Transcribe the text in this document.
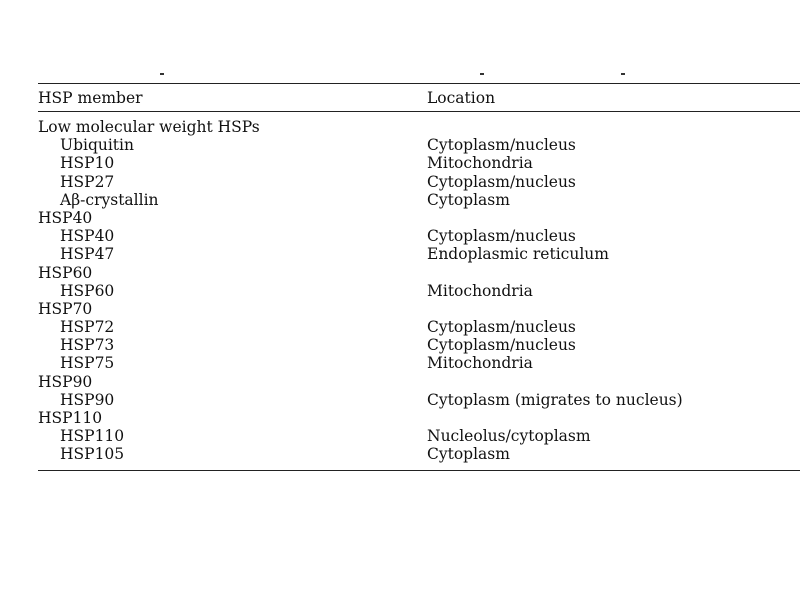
HSP member	Location
Low molecular weight HSPs
Ubiquitin	Cytoplasm/nucleus
HSP10	Mitochondria
HSP27	Cytoplasm/nucleus
Aβ-crystallin	Cytoplasm
HSP40
HSP40	Cytoplasm/nucleus
HSP47	Endoplasmic reticulum
HSP60
HSP60	Mitochondria
HSP70
HSP72	Cytoplasm/nucleus
HSP73	Cytoplasm/nucleus
HSP75	Mitochondria
HSP90
HSP90	Cytoplasm (migrates to nucleus)
HSP110
HSP110	Nucleolus/cytoplasm
HSP105	Cytoplasm
